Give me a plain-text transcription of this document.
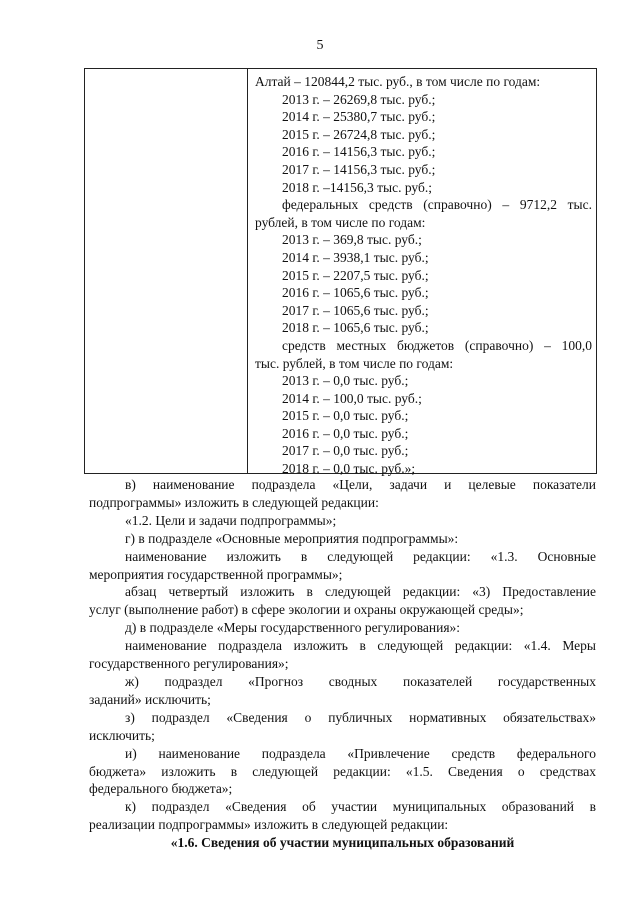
5
Алтай – 120844,2 тыс. руб., в том числе по годам:
2013 г. – 26269,8 тыс. руб.;
2014 г. – 25380,7 тыс. руб.;
2015 г. – 26724,8 тыс. руб.;
2016 г. – 14156,3 тыс. руб.;
2017 г. – 14156,3 тыс. руб.;
2018 г. –14156,3 тыс. руб.;
федеральных средств (справочно) – 9712,2 тыс.
рублей, в том числе по годам:
2013 г. – 369,8 тыс. руб.;
2014 г. – 3938,1 тыс. руб.;
2015 г. – 2207,5 тыс. руб.;
2016 г. – 1065,6 тыс. руб.;
2017 г. – 1065,6 тыс. руб.;
2018 г. – 1065,6 тыс. руб.;
средств местных бюджетов (справочно) – 100,0
тыс. рублей, в том числе по годам:
2013 г. – 0,0 тыс. руб.;
2014 г. – 100,0 тыс. руб.;
2015 г. – 0,0 тыс. руб.;
2016 г. – 0,0 тыс. руб.;
2017 г. – 0,0 тыс. руб.;
2018 г. – 0,0 тыс. руб.»;
в) наименование подраздела «Цели, задачи и целевые показатели
подпрограммы» изложить в следующей редакции:
«1.2. Цели и задачи подпрограммы»;
г) в подразделе «Основные мероприятия подпрограммы»:
наименование изложить в следующей редакции: «1.3. Основные
мероприятия государственной программы»;
абзац четвертый изложить в следующей редакции: «3) Предоставление
услуг (выполнение работ) в сфере экологии и охраны окружающей среды»;
д) в подразделе «Меры государственного регулирования»:
наименование подраздела изложить в следующей редакции: «1.4. Меры
государственного регулирования»;
ж) подраздел «Прогноз сводных показателей государственных
заданий» исключить;
з) подраздел «Сведения о публичных нормативных обязательствах»
исключить;
и) наименование подраздела «Привлечение средств федерального
бюджета» изложить в следующей редакции: «1.5. Сведения о средствах
федерального бюджета»;
к) подраздел «Сведения об участии муниципальных образований в
реализации подпрограммы» изложить в следующей редакции:
«1.6. Сведения об участии муниципальных образований
